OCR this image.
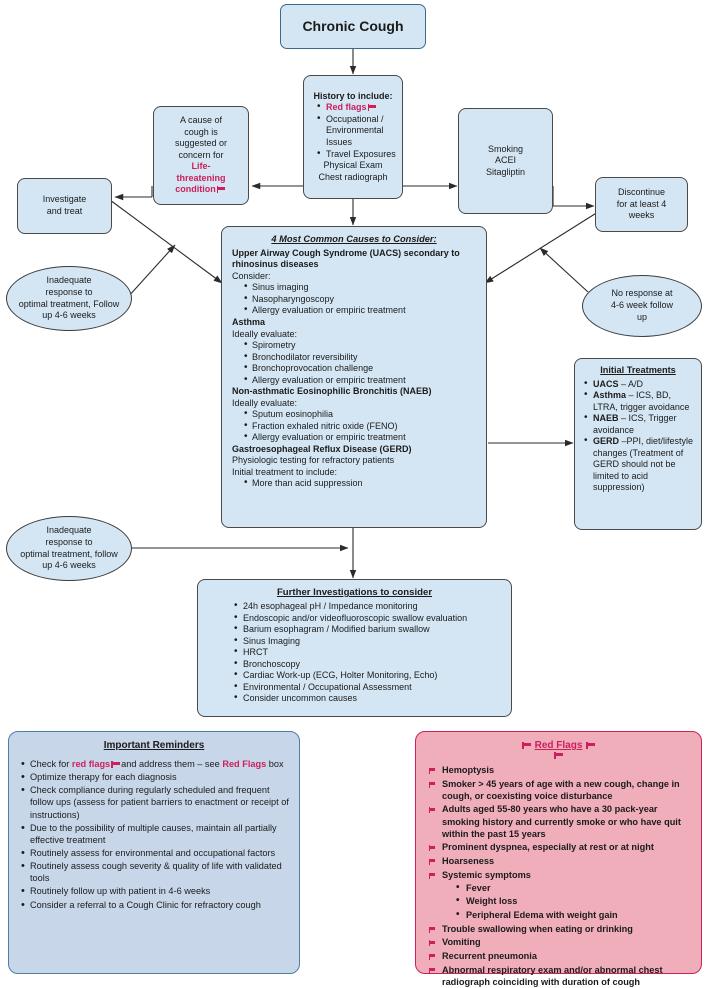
Chronic Cough
History to include:
• Red flags
• Occupational / Environmental Issues
• Travel Exposures
Physical Exam
Chest radiograph
A cause of
cough is
suggested or
concern for
Life-
threatening
condition
Investigate
and treat
Smoking
ACEI
Sitagliptin
Discontinue
for at least 4
weeks
Inadequate
response to
optimal treatment, Follow
up 4-6 weeks
No response at
4-6 week follow
up
4 Most Common Causes to Consider:
Upper Airway Cough Syndrome (UACS) secondary to rhinosinus diseases
Consider:
• Sinus imaging
• Nasopharyngoscopy
• Allergy evaluation or empiric treatment
Asthma
Ideally evaluate:
• Spirometry
• Bronchodilator reversibility
• Bronchoprovocation challenge
• Allergy evaluation or empiric treatment
Non-asthmatic Eosinophilic Bronchitis (NAEB)
Ideally evaluate:
• Sputum eosinophilia
• Fraction exhaled nitric oxide (FENO)
• Allergy evaluation or empiric treatment
Gastroesophageal Reflux Disease (GERD)
Physiologic testing for refractory patients
Initial treatment to include:
• More than acid suppression
Initial Treatments
• UACS – A/D
• Asthma – ICS, BD, LTRA, trigger avoidance
• NAEB – ICS, Trigger avoidance
• GERD –PPI, diet/lifestyle changes (Treatment of GERD should not be limited to acid suppression)
Inadequate
response to
optimal treatment, follow
up 4-6 weeks
Further Investigations to consider
• 24h esophageal pH / Impedance monitoring
• Endoscopic and/or videofluoroscopic swallow evaluation
• Barium esophagram / Modified barium swallow
• Sinus Imaging
• HRCT
• Bronchoscopy
• Cardiac Work-up (ECG, Holter Monitoring, Echo)
• Environmental / Occupational Assessment
• Consider uncommon causes
Important Reminders
• Check for red flags and address them – see Red Flags box
• Optimize therapy for each diagnosis
• Check compliance during regularly scheduled and frequent follow ups (assess for patient barriers to enactment or receipt of instructions)
• Due to the possibility of multiple causes, maintain all partially effective treatment
• Routinely assess for environmental and occupational factors
• Routinely assess cough severity & quality of life with validated tools
• Routinely follow up with patient in 4-6 weeks
• Consider a referral to a Cough Clinic for refractory cough
Red Flags
Hemoptysis
Smoker > 45 years of age with a new cough, change in cough, or coexisting voice disturbance
Adults aged 55-80 years who have a 30 pack-year smoking history and currently smoke or who have quit within the past 15 years
Prominent dyspnea, especially at rest or at night
Hoarseness
Systemic symptoms
• Fever
• Weight loss
• Peripheral Edema with weight gain
Trouble swallowing when eating or drinking
Vomiting
Recurrent pneumonia
Abnormal respiratory exam and/or abnormal chest radiograph coinciding with duration of cough
